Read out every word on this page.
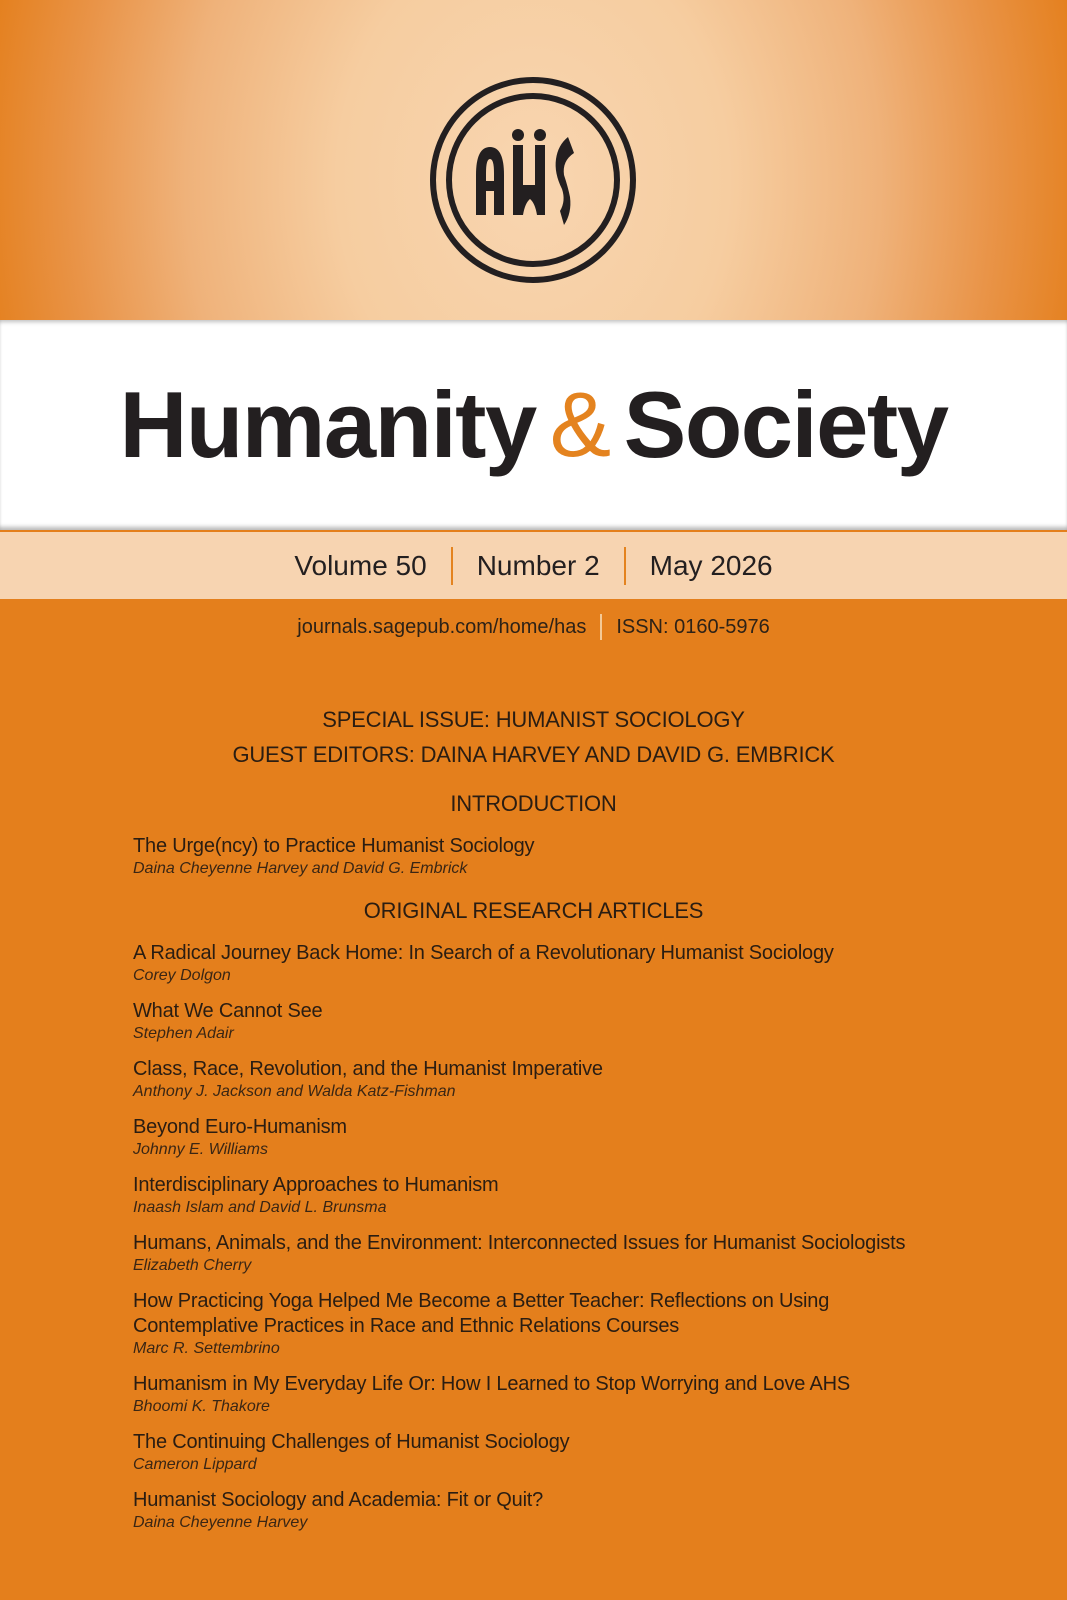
Humanity & Society
Volume 50 Number 2 May 2026
journals.sagepub.com/home/has ISSN: 0160-5976
SPECIAL ISSUE: HUMANIST SOCIOLOGY
GUEST EDITORS: DAINA HARVEY AND DAVID G. EMBRICK
INTRODUCTION
The Urge(ncy) to Practice Humanist Sociology
Daina Cheyenne Harvey and David G. Embrick
ORIGINAL RESEARCH ARTICLES
A Radical Journey Back Home: In Search of a Revolutionary Humanist Sociology
Corey Dolgon
What We Cannot See
Stephen Adair
Class, Race, Revolution, and the Humanist Imperative
Anthony J. Jackson and Walda Katz-Fishman
Beyond Euro-Humanism
Johnny E. Williams
Interdisciplinary Approaches to Humanism
Inaash Islam and David L. Brunsma
Humans, Animals, and the Environment: Interconnected Issues for Humanist Sociologists
Elizabeth Cherry
How Practicing Yoga Helped Me Become a Better Teacher: Reflections on Using Contemplative Practices in Race and Ethnic Relations Courses
Marc R. Settembrino
Humanism in My Everyday Life Or: How I Learned to Stop Worrying and Love AHS
Bhoomi K. Thakore
The Continuing Challenges of Humanist Sociology
Cameron Lippard
Humanist Sociology and Academia: Fit or Quit?
Daina Cheyenne Harvey
